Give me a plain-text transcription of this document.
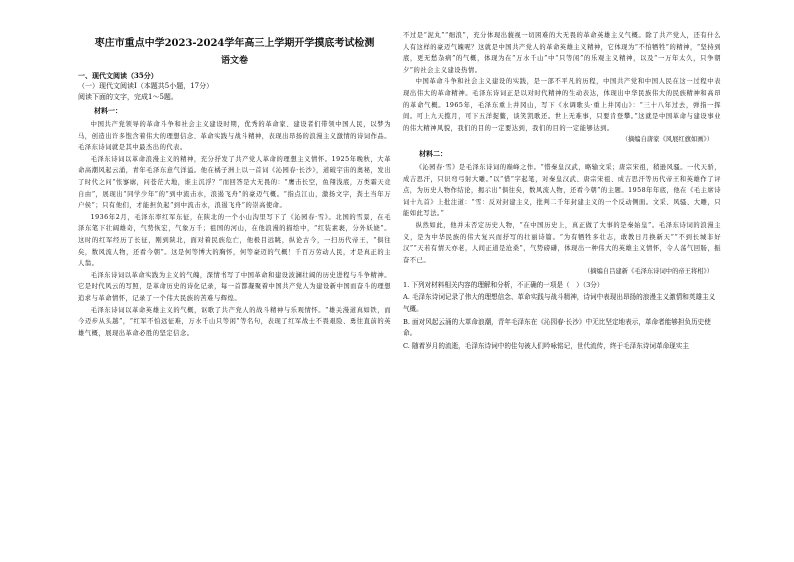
枣庄市重点中学2023-2024学年高三上学期开学摸底考试检测

语文卷

一、现代文阅读（35分）

（一）现代文阅读Ⅰ（本题共5小题，17分）

阅读下面的文字，完成1～5题。

材料一：

中国共产党领导的革命斗争和社会主义建设时期，优秀的革命家、建设者们带领中国人民，以梦为马，创造出许多饱含着伟大的理想信念、革命实践与战斗精神，表现出昂扬的浪漫主义激情的诗词作品。毛泽东诗词就是其中最杰出的代表。

毛泽东诗词以革命浪漫主义的精神，充分抒发了共产党人革命的理想主义情怀。1925年晚秋，大革命高潮风起云涌，青年毛泽东意气洋溢。他在橘子洲上以一首词《沁园春·长沙》，道破宇宙的奥秘，发出了时代之问“怅寥廓，问苍茫大地，谁主沉浮？”而回答是大无畏的：“鹰击长空，鱼翔浅底，万类霜天竞自由”，展现出“同学少年”的“到中流击水，浪遏飞舟”的豪迈气概。“指点江山，激扬文字，粪土当年万户侯”；只有他们，才能担负起“到中流击水，浪遏飞舟”的崇高使命。

1936年2月，毛泽东率红军东征，在陕北的一个小山沟里写下了《沁园春·雪》。北国的雪景，在毛泽东笔下壮阔雄奇，气势恢宏，气象万千；祖国的河山，在他浪漫的描绘中，“红装素裹，分外妖娆”。这时的红军经历了长征，刚到陕北，面对着民族危亡，他极目远眺，纵论古今，一扫历代帝王，“俱往矣，数风流人物，还看今朝”。这是何等博大的胸怀，何等豪迈的气概！千百万劳动人民，才是真正的主人翁。

毛泽东诗词以革命实践为主义的气魄，深情书写了中国革命和建设波澜壮阔的历史进程与斗争精神。它是时代风云的写照，是革命历史的诗化记录，每一首都凝聚着中国共产党人为建设新中国而奋斗的理想追求与革命情怀，记录了一个伟大民族的苦难与辉煌。

毛泽东诗词以革命英雄主义的气概，讴歌了共产党人的战斗精神与乐观情怀。“雄关漫道真如铁，而今迈步从头越”，“红军不怕远征难，万水千山只等闲”等名句，表现了红军战士不畏艰险、勇往直前的英雄气概，展现出革命必胜的坚定信念。

不过是“泥丸”“细浪”，充分体现出藐视一切困难的大无畏的革命英雄主义气概。除了共产党人，还有什么人有这样的豪迈气魄呢？这就是中国共产党人的革命英雄主义精神，它体现为“不怕牺牲”的精神，“坚持到底，更无愁杂病”的气概，体现为在“万水千山”中“只等闲”的乐观主义精神，以及“一万年太久，只争朝夕”的社会主义建设热情。

中国革命斗争和社会主义建设的实践，是一部不平凡的历程，中国共产党和中国人民在这一过程中表现出伟大的革命精神。毛泽东诗词正是以对时代精神的生动表达，体现出中华民族伟大的民族精神和高昂的革命气概。1965年，毛泽东重上井冈山，写下《水调歌头·重上井冈山》：“三十八年过去，弹指一挥间。可上九天揽月，可下五洋捉鳖，谈笑凯歌还。世上无难事，只要肯登攀。”这就是中国革命与建设事业的伟大精神风貌，我们的目的一定要达到，我们的目的一定能够达到。

（摘编自唐家《风展红旗如画》）

材料二：

《沁园春·雪》是毛泽东诗词的巅峰之作。“惜秦皇汉武，略输文采；唐宗宋祖，稍逊风骚。一代天骄，成吉思汗，只识弯弓射大雕。”以“惜”字起笔，对秦皇汉武、唐宗宋祖、成吉思汗等历代帝王和英雄作了评点，为历史人物作结论，揭示出“俱往矣，数风流人物，还看今朝”的主题。1958年年底，他在《毛主席诗词十九首》上批注道：“雪：反对封建主义，批判二千年封建主义的一个反动侧面。文采、风骚、大雕，只能如此写法。”

纵然如此，他并未否定历史人物，“在中国历史上，真正做了大事的是秦始皇”。毛泽东诗词的浪漫主义，是为中华民族的伟大复兴而抒写的壮丽诗篇。“为有牺牲多壮志，敢教日月换新天”“不到长城非好汉”“天若有情天亦老，人间正道是沧桑”，气势磅礴，体现出一种伟大的英雄主义情怀，令人荡气回肠，振奋不已。

（摘编自吕建新《毛泽东诗词中的帝王将相》）

1. 下列对材料相关内容的理解和分析，不正确的一项是（　）（3分）

A. 毛泽东诗词记录了伟大的理想信念、革命实践与战斗精神，诗词中表现出昂扬的浪漫主义激情和英雄主义气概。

B. 面对风起云涌的大革命浪潮，青年毛泽东在《沁园春·长沙》中无比坚定地表示，革命者能够担负历史使命。

C. 随着岁月的流逝，毛泽东诗词中的佳句被人们吟咏铭记，世代流传，终于毛泽东诗词革命现实主
